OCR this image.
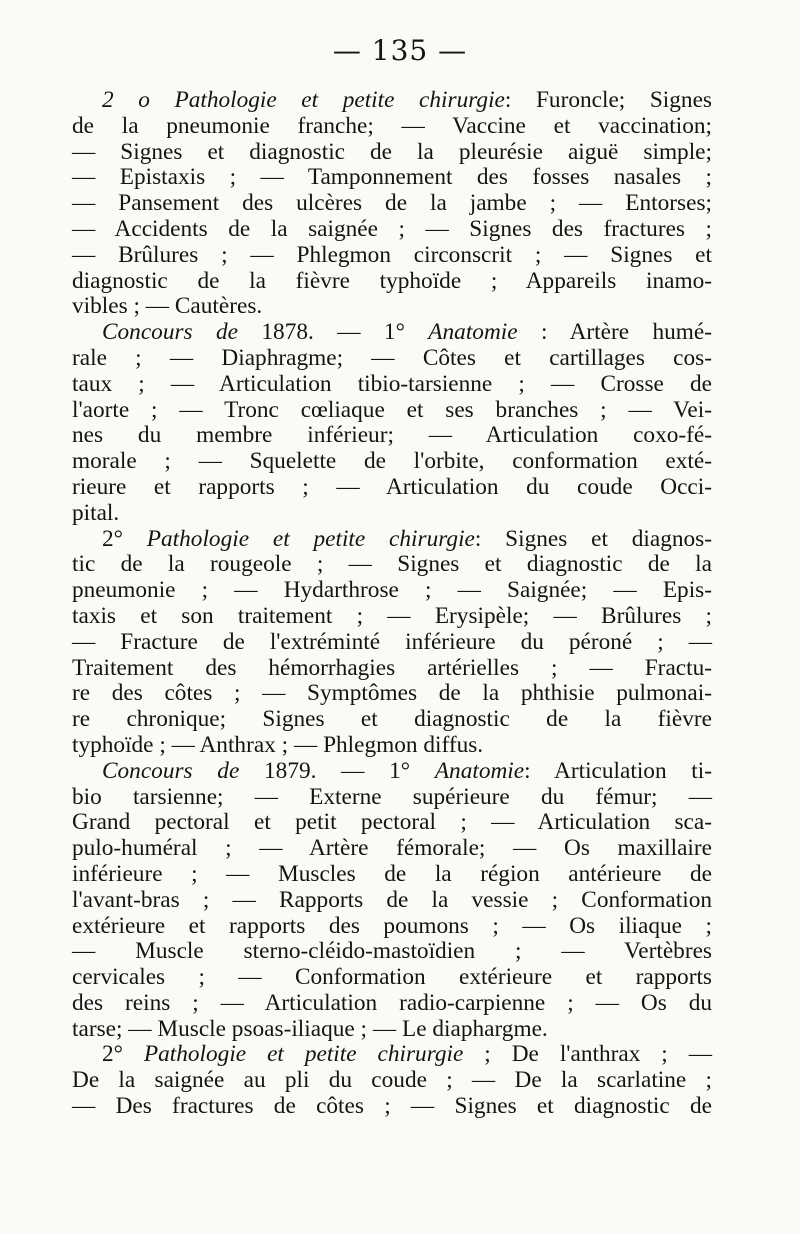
— 135 —
2 o Pathologie et petite chirurgie: Furoncle; Signes
de la pneumonie franche; — Vaccine et vaccination;
— Signes et diagnostic de la pleurésie aiguë simple;
— Epistaxis ; — Tamponnement des fosses nasales ;
— Pansement des ulcères de la jambe ; — Entorses;
— Accidents de la saignée ; — Signes des fractures ;
— Brûlures ; — Phlegmon circonscrit ; — Signes et
diagnostic de la fièvre typhoïde ; Appareils inamo-
vibles ; — Cautères.
Concours de 1878. — 1° Anatomie : Artère humé-
rale ; — Diaphragme; — Côtes et cartillages cos-
taux ; — Articulation tibio-tarsienne ; — Crosse de
l'aorte ; — Tronc cœliaque et ses branches ; — Vei-
nes du membre inférieur; — Articulation coxo-fé-
morale ; — Squelette de l'orbite, conformation exté-
rieure et rapports ; — Articulation du coude Occi-
pital.
2° Pathologie et petite chirurgie: Signes et diagnos-
tic de la rougeole ; — Signes et diagnostic de la
pneumonie ; — Hydarthrose ; — Saignée; — Epis-
taxis et son traitement ; — Erysipèle; — Brûlures ;
— Fracture de l'extréminté inférieure du péroné ; —
Traitement des hémorrhagies artérielles ; — Fractu-
re des côtes ; — Symptômes de la phthisie pulmonai-
re chronique; Signes et diagnostic de la fièvre
typhoïde ; — Anthrax ; — Phlegmon diffus.
Concours de 1879. — 1° Anatomie: Articulation ti-
bio tarsienne; — Externe supérieure du fémur; —
Grand pectoral et petit pectoral ; — Articulation sca-
pulo-huméral ; — Artère fémorale; — Os maxillaire
inférieure ; — Muscles de la région antérieure de
l'avant-bras ; — Rapports de la vessie ; Conformation
extérieure et rapports des poumons ; — Os iliaque ;
— Muscle sterno-cléido-mastoïdien ; — Vertèbres
cervicales ; — Conformation extérieure et rapports
des reins ; — Articulation radio-carpienne ; — Os du
tarse; — Muscle psoas-iliaque ; — Le diaphargme.
2° Pathologie et petite chirurgie ; De l'anthrax ; —
De la saignée au pli du coude ; — De la scarlatine ;
— Des fractures de côtes ; — Signes et diagnostic de
